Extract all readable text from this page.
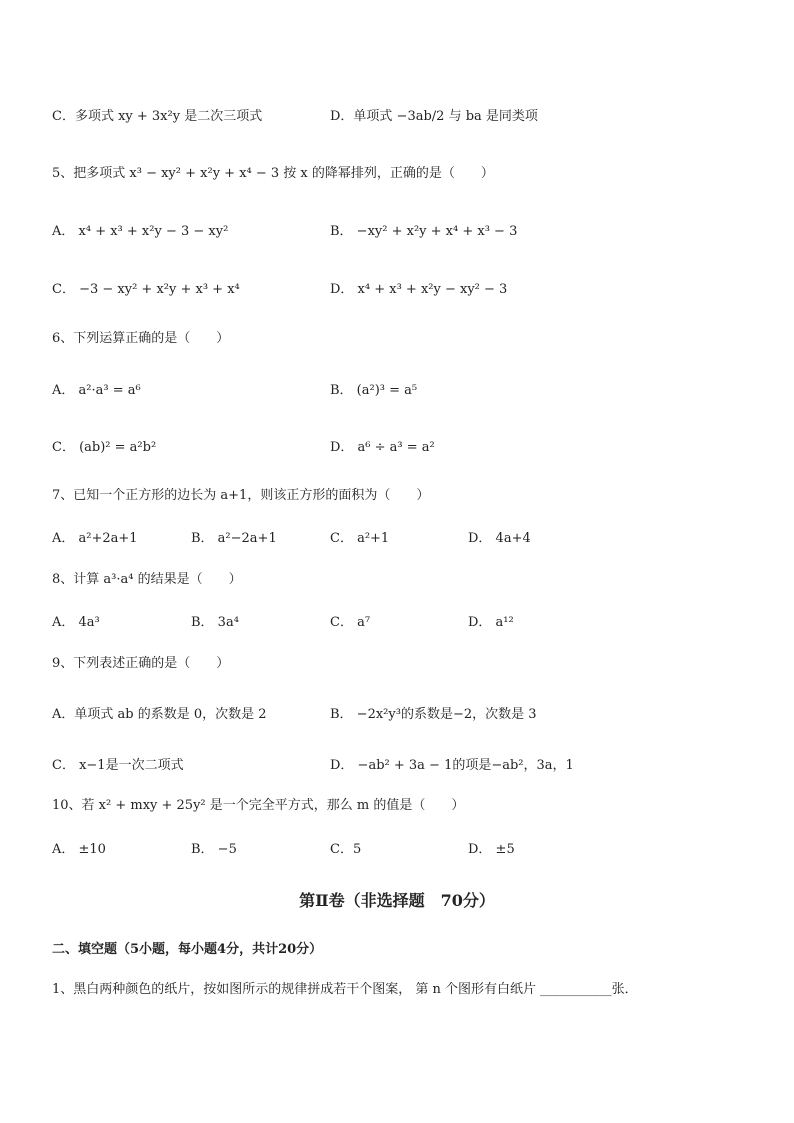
C．多项式 xy + 3x²y 是二次三项式	D．单项式 −3ab/2 与 ba 是同类项
5、把多项式 x³ − xy² + x²y + x⁴ − 3 按 x 的降幂排列，正确的是（　　）
A． x⁴ + x³ + x²y − 3 − xy²	B． −xy² + x²y + x⁴ + x³ − 3
C． −3 − xy² + x²y + x³ + x⁴	D． x⁴ + x³ + x²y − xy² − 3
6、下列运算正确的是（　　）
A． a²·a³ = a⁶	B． (a²)³ = a⁵
C． (ab)² = a²b²	D． a⁶ ÷ a³ = a²
7、已知一个正方形的边长为 a+1，则该正方形的面积为（　　）
A． a²+2a+1	B． a²−2a+1	C． a²+1	D． 4a+4
8、计算 a³·a⁴ 的结果是（　　）
A． 4a³	B． 3a⁴	C． a⁷	D． a¹²
9、下列表述正确的是（　　）
A．单项式 ab 的系数是 0，次数是 2	B． −2x²y³的系数是−2，次数是 3
C． x−1是一次二项式	D． −ab² + 3a − 1的项是−ab²，3a，1
10、若 x² + mxy + 25y² 是一个完全平方式，那么 m 的值是（　　）
A． ±10	B． −5	C．5	D． ±5
第Ⅱ卷（非选择题　70分）
二、填空题（5小题，每小题4分，共计20分）
1、黑白两种颜色的纸片，按如图所示的规律拼成若干个图案， 第 n 个图形有白纸片 ___________张．
